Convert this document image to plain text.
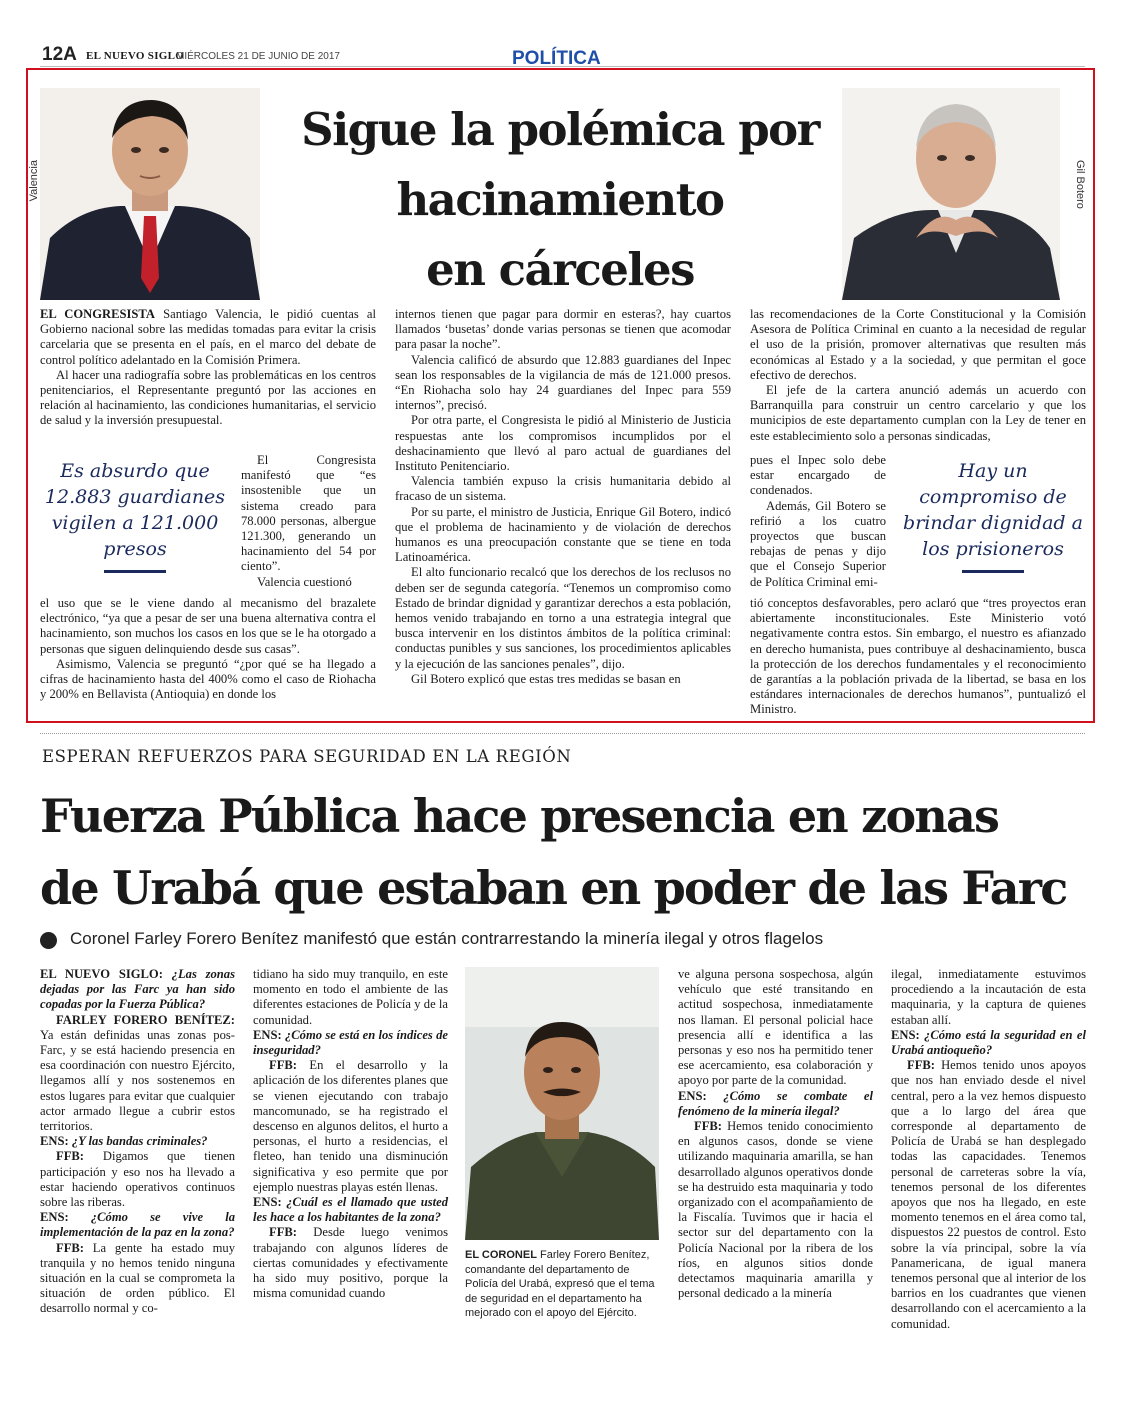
12A EL NUEVO SIGLO
MIÉRCOLES 21 DE JUNIO DE 2017	POLÍTICA
Valencia	Gil Botero
Sigue la polémica por
hacinamiento
en cárceles

EL CONGRESISTA Santiago Valencia, le pidió cuentas al Gobierno nacional sobre las medidas tomadas para evitar la crisis carcelaria que se presenta en el país, en el marco del debate de control político adelantado en la Comisión Primera.

Al hacer una radiografía sobre las problemáticas en los centros penitenciarios, el Representante preguntó por las acciones en relación al hacinamiento, las condiciones humanitarias, el servicio de salud y la inversión presupuestal.

Es absurdo que 12.883 guardianes vigilen a 121.000 presos

El Congresista manifestó que “es insostenible que un sistema creado para 78.000 personas, albergue 121.300, generando un hacinamiento del 54 por ciento”.

Valencia cuestionó

el uso que se le viene dando al mecanismo del brazalete electrónico, “ya que a pesar de ser una buena alternativa contra el hacinamiento, son muchos los casos en los que se le ha otorgado a personas que siguen delinquiendo desde sus casas”.

Asimismo, Valencia se preguntó “¿por qué se ha llegado a cifras de hacinamiento hasta del 400% como el caso de Riohacha y 200% en Bellavista (Antioquia) en donde los

internos tienen que pagar para dormir en esteras?, hay cuartos llamados ‘busetas’ donde varias personas se tienen que acomodar para pasar la noche”.

Valencia calificó de absurdo que 12.883 guardianes del Inpec sean los responsables de la vigilancia de más de 121.000 presos. “En Riohacha solo hay 24 guardianes del Inpec para 559 internos”, precisó.

Por otra parte, el Congresista le pidió al Ministerio de Justicia respuestas ante los compromisos incumplidos por el deshacinamiento que llevó al paro actual de guardianes del Instituto Penitenciario.

Valencia también expuso la crisis humanitaria debido al fracaso de un sistema.

Por su parte, el ministro de Justicia, Enrique Gil Botero, indicó que el problema de hacinamiento y de violación de derechos humanos es una preocupación constante que se tiene en toda Latinoamérica.

El alto funcionario recalcó que los derechos de los reclusos no deben ser de segunda categoría. “Tenemos un compromiso como Estado de brindar dignidad y garantizar derechos a esta población, hemos venido trabajando en torno a una estrategia integral que busca intervenir en los distintos ámbitos de la política criminal: conductas punibles y sus sanciones, los procedimientos aplicables y la ejecución de las sanciones penales”, dijo.

Gil Botero explicó que estas tres medidas se basan en

las recomendaciones de la Corte Constitucional y la Comisión Asesora de Política Criminal en cuanto a la necesidad de regular el uso de la prisión, promover alternativas que resulten más económicas al Estado y a la sociedad, y que permitan el goce efectivo de derechos.

El jefe de la cartera anunció además un acuerdo con Barranquilla para construir un centro carcelario y que los municipios de este departamento cumplan con la Ley de tener en este establecimiento solo a personas sindicadas,

pues el Inpec solo debe estar encargado de condenados.

Además, Gil Botero se refirió a los cuatro proyectos que buscan rebajas de penas y dijo que el Consejo Superior de Política Criminal emi-

Hay un compromiso de brindar dignidad a los prisioneros

tió conceptos desfavorables, pero aclaró que “tres proyectos eran abiertamente inconstitucionales. Este Ministerio votó negativamente contra estos. Sin embargo, el nuestro es afianzado en derecho humanista, pues contribuye al deshacinamiento, busca la protección de los derechos fundamentales y el reconocimiento de garantías a la población privada de la libertad, se basa en los estándares internacionales de derechos humanos”, puntualizó el Ministro.

ESPERAN REFUERZOS PARA SEGURIDAD EN LA REGIÓN
Fuerza Pública hace presencia en zonas
de Urabá que estaban en poder de las Farc
Coronel Farley Forero Benítez manifestó que están contrarrestando la minería ilegal y otros flagelos

EL NUEVO SIGLO: ¿Las zonas dejadas por las Farc ya han sido copadas por la Fuerza Pública?

FARLEY FORERO BENÍTEZ: Ya están definidas unas zonas pos-Farc, y se está haciendo presencia en esa coordinación con nuestro Ejército, llegamos allí y nos sostenemos en estos lugares para evitar que cualquier actor armado llegue a cubrir estos territorios.

ENS: ¿Y las bandas criminales?

FFB: Digamos que tienen participación y eso nos ha llevado a estar haciendo operativos continuos sobre las riberas.

ENS: ¿Cómo se vive la implementación de la paz en la zona?

FFB: La gente ha estado muy tranquila y no hemos tenido ninguna situación en la cual se comprometa la situación de orden público. El desarrollo normal y co-

tidiano ha sido muy tranquilo, en este momento en todo el ambiente de las diferentes estaciones de Policía y de la comunidad.

ENS: ¿Cómo se está en los índices de inseguridad?

FFB: En el desarrollo y la aplicación de los diferentes planes que se vienen ejecutando con trabajo mancomunado, se ha registrado el descenso en algunos delitos, el hurto a personas, el hurto a residencias, el fleteo, han tenido una disminución significativa y eso permite que por ejemplo nuestras playas estén llenas.

ENS: ¿Cuál es el llamado que usted les hace a los habitantes de la zona?

FFB: Desde luego venimos trabajando con algunos líderes de ciertas comunidades y efectivamente ha sido muy positivo, porque la misma comunidad cuando

EL CORONEL Farley Forero Benítez, comandante del departamento de Policía del Urabá, expresó que el tema de seguridad en el departamento ha mejorado con el apoyo del Ejército.

ve alguna persona sospechosa, algún vehículo que esté transitando en actitud sospechosa, inmediatamente nos llaman. El personal policial hace presencia allí e identifica a las personas y eso nos ha permitido tener ese acercamiento, esa colaboración y apoyo por parte de la comunidad.

ENS: ¿Cómo se combate el fenómeno de la minería ilegal?

FFB: Hemos tenido conocimiento en algunos casos, donde se viene utilizando maquinaria amarilla, se han desarrollado algunos operativos donde se ha destruido esta maquinaria y todo organizado con el acompañamiento de la Fiscalía. Tuvimos que ir hacia el sector sur del departamento con la Policía Nacional por la ribera de los ríos, en algunos sitios donde detectamos maquinaria amarilla y personal dedicado a la minería

ilegal, inmediatamente estuvimos procediendo a la incautación de esta maquinaria, y la captura de quienes estaban allí.

ENS: ¿Cómo está la seguridad en el Urabá antioqueño?

FFB: Hemos tenido unos apoyos que nos han enviado desde el nivel central, pero a la vez hemos dispuesto que a lo largo del área que corresponde al departamento de Policía de Urabá se han desplegado todas las capacidades. Tenemos personal de carreteras sobre la vía, tenemos personal de los diferentes apoyos que nos ha llegado, en este momento tenemos en el área como tal, dispuestos 22 puestos de control. Esto sobre la vía principal, sobre la vía Panamericana, de igual manera tenemos personal que al interior de los barrios en los cuadrantes que vienen desarrollando con el acercamiento a la comunidad.
